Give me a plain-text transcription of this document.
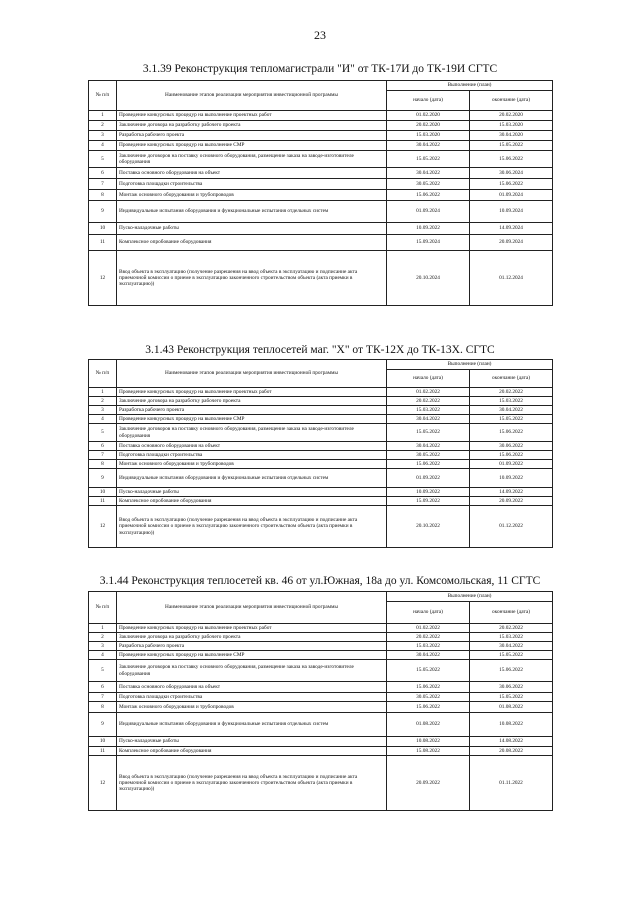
23
3.1.39 Реконструкция тепломагистрали "И" от ТК-17И до ТК-19И СГТС
№ п/п	Наименование этапов реализации мероприятия инвестиционной программы	Выполнение (план)	
		начало (дата)	окончание (дата)
1	Проведение конкурсных процедур на выполнение проектных работ	01.02.2020	20.02.2020
2	Заключение договора на разработку рабочего проекта	20.02.2020	15.03.2020
3	Разработка рабочего проекта	15.03.2020	30.04.2020
4	Проведение конкурсных процедур на выполнение СМР	30.04.2022	15.05.2022
5	Заключение договоров на поставку основного оборудования, размещение заказа на заводе-изготовителе оборудования	15.05.2022	15.06.2022
6	Поставка основного оборудования на объект	30.04.2022	30.06.2024
7	Подготовка площадки строительства	30.05.2022	15.06.2022
8	Монтаж основного оборудования и трубопроводов	15.06.2022	01.09.2024
9	Индивидуальные испытания оборудования и функциональные испытания отдельных систем	01.09.2024	10.09.2024
10	Пуско-наладочные работы	10.09.2022	14.09.2024
11	Комплексное опробование оборудования	15.09.2024	20.09.2024
12	Ввод объекта в эксплуатацию (получение разрешения на ввод объекта в эксплуатацию и подписание акта приемочной комиссии о приеме в эксплуатацию законченного строительством объекта (акта приемки в эксплуатацию))	20.10.2024	01.12.2024
3.1.43 Реконструкция теплосетей маг. "Х" от ТК-12Х до ТК-13Х. СГТС
№ п/п	Наименование этапов реализации мероприятия инвестиционной программы	Выполнение (план)	
		начало (дата)	окончание (дата)
1	Проведение конкурсных процедур на выполнение проектных работ	01.02.2022	20.02.2022
2	Заключение договора на разработку рабочего проекта	20.02.2022	15.03.2022
3	Разработка рабочего проекта	15.03.2022	30.04.2022
4	Проведение конкурсных процедур на выполнение СМР	30.04.2022	15.05.2022
5	Заключение договоров на поставку основного оборудования, размещение заказа на заводе-изготовителе оборудования	15.05.2022	15.06.2022
6	Поставка основного оборудования на объект	30.04.2022	30.06.2022
7	Подготовка площадки строительства	30.05.2022	15.06.2022
8	Монтаж основного оборудования и трубопроводов	15.06.2022	01.09.2022
9	Индивидуальные испытания оборудования и функциональные испытания отдельных систем	01.09.2022	10.09.2022
10	Пуско-наладочные работы	10.09.2022	14.09.2022
11	Комплексное опробование оборудования	15.09.2022	20.09.2022
12	Ввод объекта в эксплуатацию (получение разрешения на ввод объекта в эксплуатацию и подписание акта приемочной комиссии о приеме в эксплуатацию законченного строительством объекта (акта приемки в эксплуатацию))	20.10.2022	01.12.2022
3.1.44 Реконструкция теплосетей кв. 46 от ул.Южная, 18а до ул. Комсомольская, 11 СГТС
№ п/п	Наименование этапов реализации мероприятия инвестиционной программы	Выполнение (план)	
		начало (дата)	окончание (дата)
1	Проведение конкурсных процедур на выполнение проектных работ	01.02.2022	20.02.2022
2	Заключение договора на разработку рабочего проекта	20.02.2022	15.03.2022
3	Разработка рабочего проекта	15.03.2022	30.04.2022
4	Проведение конкурсных процедур на выполнение СМР	30.04.2022	15.05.2022
5	Заключение договоров на поставку основного оборудования, размещение заказа на заводе-изготовителе оборудования	15.05.2022	15.06.2022
6	Поставка основного оборудования на объект	15.06.2022	30.06.2022
7	Подготовка площадки строительства	30.05.2022	15.05.2022
8	Монтаж основного оборудования и трубопроводов	15.06.2022	01.08.2022
9	Индивидуальные испытания оборудования и функциональные испытания отдельных систем	01.08.2022	10.08.2022
10	Пуско-наладочные работы	10.08.2022	14.08.2022
11	Комплексное опробование оборудования	15.08.2022	20.08.2022
12	Ввод объекта в эксплуатацию (получение разрешения на ввод объекта в эксплуатацию и подписание акта приемочной комиссии о приеме в эксплуатацию законченного строительством объекта (акта приемки в эксплуатацию))	20.09.2022	01.11.2022
